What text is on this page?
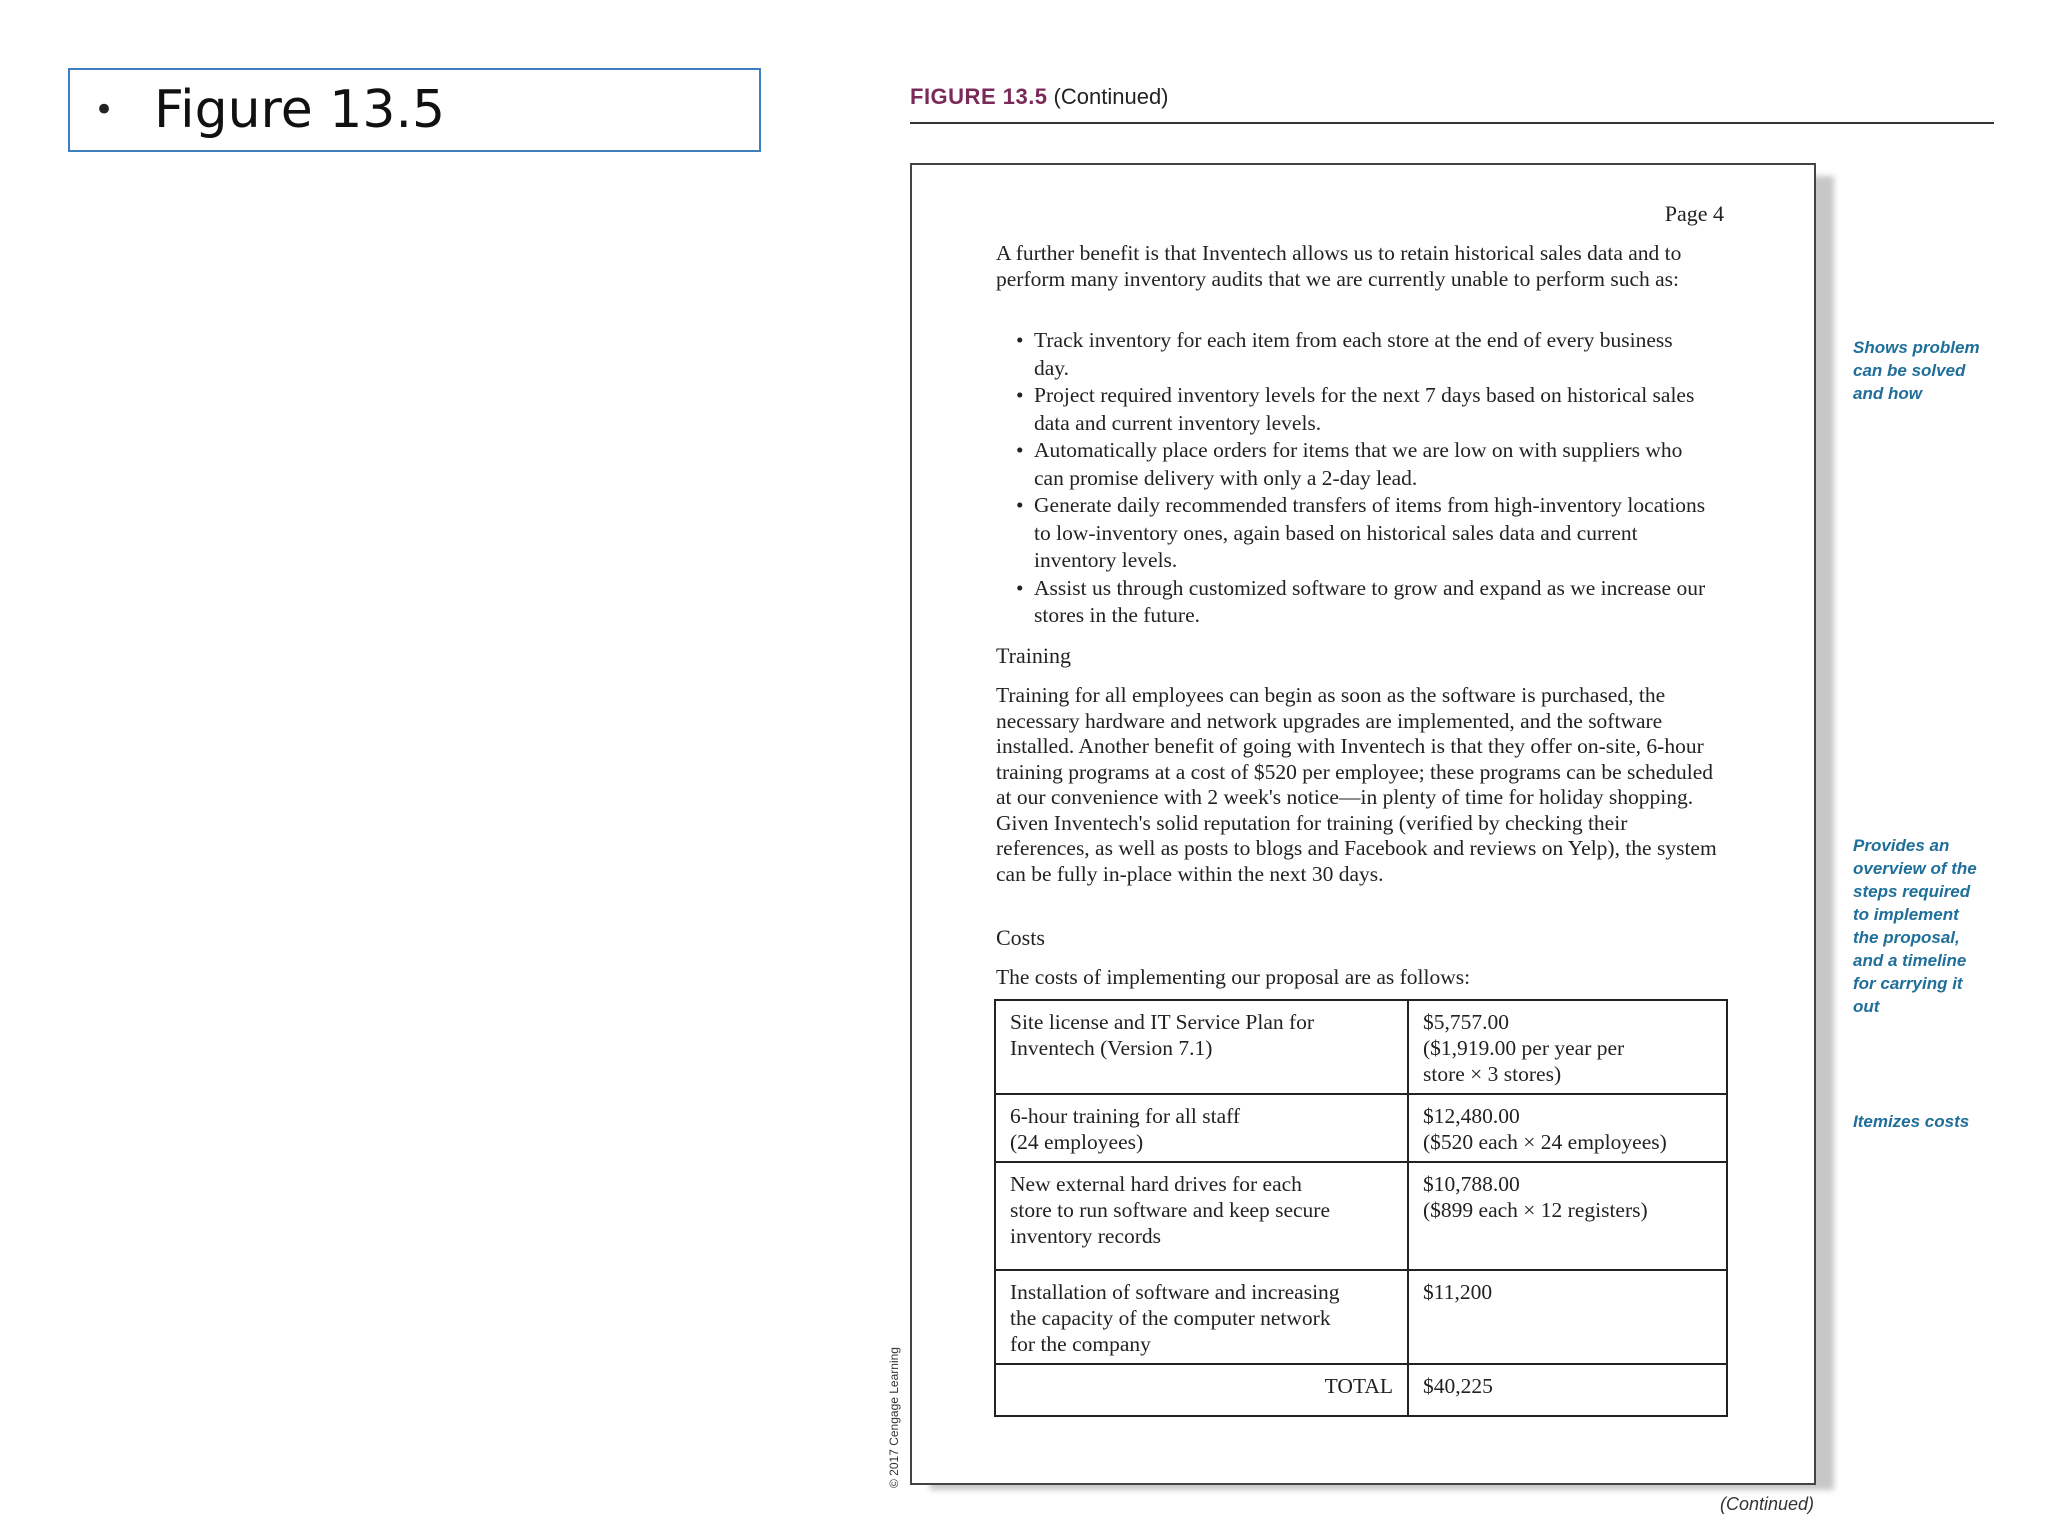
• Figure 13.5	FIGURE 13.5 (Continued)
Page 4
A further benefit is that Inventech allows us to retain historical sales data and to perform many inventory audits that we are currently unable to perform such as:
• Track inventory for each item from each store at the end of every business day.
• Project required inventory levels for the next 7 days based on historical sales data and current inventory levels.
• Automatically place orders for items that we are low on with suppliers who can promise delivery with only a 2-day lead.
• Generate daily recommended transfers of items from high-inventory locations to low-inventory ones, again based on historical sales data and current inventory levels.
• Assist us through customized software to grow and expand as we increase our stores in the future.
Training
Training for all employees can begin as soon as the software is purchased, the necessary hardware and network upgrades are implemented, and the software installed. Another benefit of going with Inventech is that they offer on-site, 6-hour training programs at a cost of $520 per employee; these programs can be scheduled at our convenience with 2 week's notice—in plenty of time for holiday shopping. Given Inventech's solid reputation for training (verified by checking their references, as well as posts to blogs and Facebook and reviews on Yelp), the system can be fully in-place within the next 30 days.
Costs
The costs of implementing our proposal are as follows:
Site license and IT Service Plan for
Inventech (Version 7.1)	$5,757.00
($1,919.00 per year per
store × 3 stores)

6-hour training for all staff
(24 employees)	$12,480.00
($520 each × 24 employees)

New external hard drives for each
store to run software and keep secure
inventory records	$10,788.00
($899 each × 12 registers)

Installation of software and increasing
the capacity of the computer network
for the company	$11,200

TOTAL	$40,225
© 2017 Cengage Learning
(Continued)
Shows problem
can be solved
and how
Provides an
overview of the
steps required
to implement
the proposal,
and a timeline
for carrying it
out
Itemizes costs
